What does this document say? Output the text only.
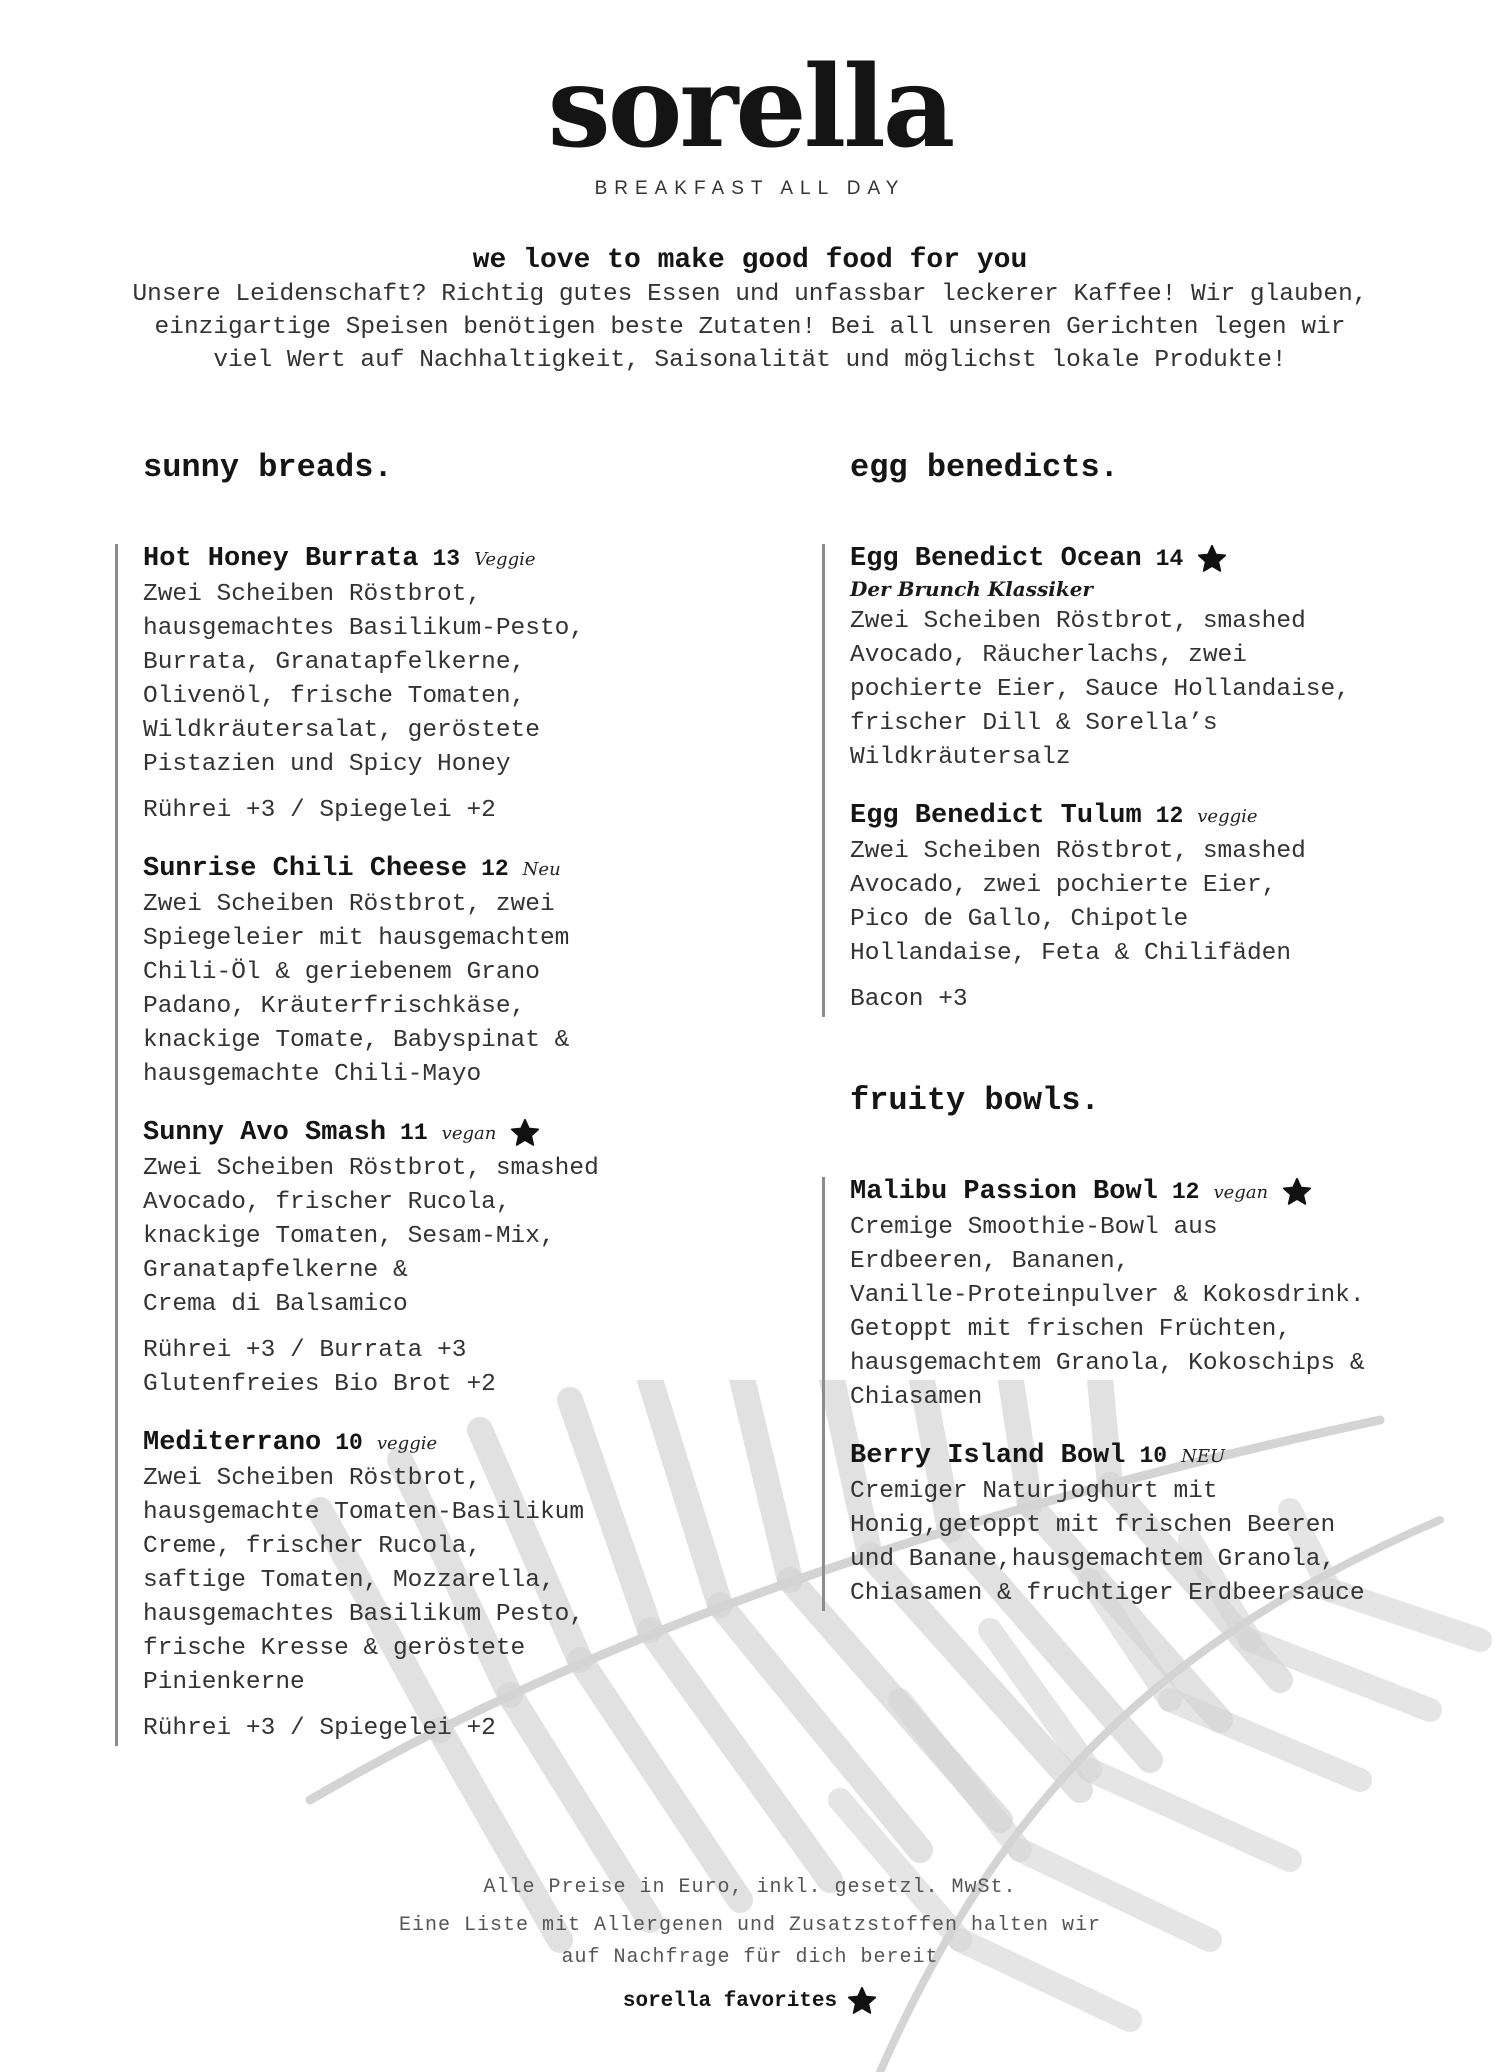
sorella
BREAKFAST ALL DAY

we love to make good food for you

Unsere Leidenschaft? Richtig gutes Essen und unfassbar leckerer Kaffee! Wir glauben, einzigartige Speisen benötigen beste Zutaten! Bei all unseren Gerichten legen wir viel Wert auf Nachhaltigkeit, Saisonalität und möglichst lokale Produkte!

sunny breads.
Hot Honey Burrata 13 Veggie
Zwei Scheiben Röstbrot,
hausgemachtes Basilikum-Pesto,
Burrata, Granatapfelkerne,
Olivenöl, frische Tomaten,
Wildkräutersalat, geröstete
Pistazien und Spicy Honey
Rührei +3 / Spiegelei +2
Sunrise Chili Cheese 12 Neu
Zwei Scheiben Röstbrot, zwei
Spiegeleier mit hausgemachtem
Chili-Öl & geriebenem Grano
Padano, Kräuterfrischkäse,
knackige Tomate, Babyspinat &
hausgemachte Chili-Mayo
Sunny Avo Smash 11 vegan
Zwei Scheiben Röstbrot, smashed
Avocado, frischer Rucola,
knackige Tomaten, Sesam-Mix,
Granatapfelkerne &
Crema di Balsamico
Rührei +3 / Burrata +3
Glutenfreies Bio Brot +2
Mediterrano 10 veggie
Zwei Scheiben Röstbrot,
hausgemachte Tomaten-Basilikum
Creme, frischer Rucola,
saftige Tomaten, Mozzarella,
hausgemachtes Basilikum Pesto,
frische Kresse & geröstete
Pinienkerne
Rührei +3 / Spiegelei +2
egg benedicts.
Egg Benedict Ocean 14
Der Brunch Klassiker
Zwei Scheiben Röstbrot, smashed
Avocado, Räucherlachs, zwei
pochierte Eier, Sauce Hollandaise,
frischer Dill & Sorella’s
Wildkräutersalz
Egg Benedict Tulum 12 veggie
Zwei Scheiben Röstbrot, smashed
Avocado, zwei pochierte Eier,
Pico de Gallo, Chipotle
Hollandaise, Feta & Chilifäden
Bacon +3
fruity bowls.
Malibu Passion Bowl 12 vegan
Cremige Smoothie-Bowl aus
Erdbeeren, Bananen,
Vanille-Proteinpulver & Kokosdrink.
Getoppt mit frischen Früchten,
hausgemachtem Granola, Kokoschips &
Chiasamen
Berry Island Bowl 10 NEU
Cremiger Naturjoghurt mit
Honig,getoppt mit frischen Beeren
und Banane,hausgemachtem Granola,
Chiasamen & fruchtiger Erdbeersauce

Alle Preise in Euro, inkl. gesetzl. MwSt.

Eine Liste mit Allergenen und Zusatzstoffen halten wir

auf Nachfrage für dich bereit

sorella favorites
